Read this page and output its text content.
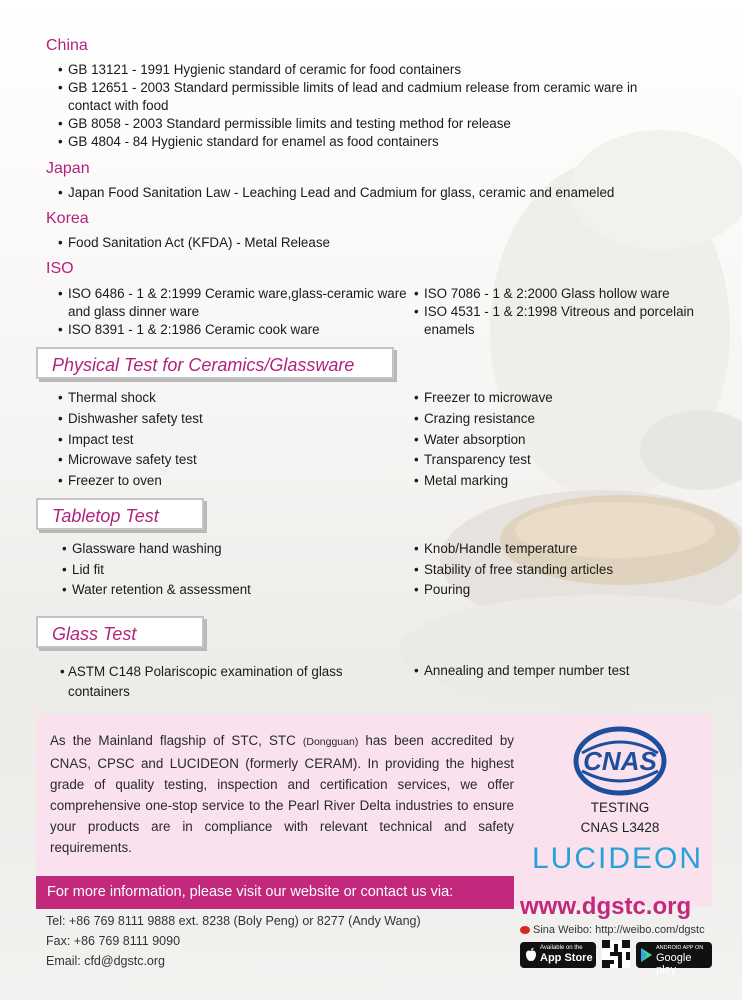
China
• GB 13121 - 1991 Hygienic standard of ceramic for food containers
• GB 12651 - 2003 Standard permissible limits of lead and cadmium release from ceramic ware in contact with food
• GB 8058 - 2003 Standard permissible limits and testing method for release
• GB 4804 - 84 Hygienic standard for enamel as food containers
Japan
• Japan Food Sanitation Law - Leaching Lead and Cadmium for glass, ceramic and enameled
Korea
• Food Sanitation Act (KFDA) - Metal Release
ISO
• ISO 6486 - 1 & 2:1999 Ceramic ware,glass-ceramic ware and glass dinner ware
• ISO 8391 - 1 & 2:1986 Ceramic cook ware
• ISO 7086 - 1 & 2:2000 Glass hollow ware
• ISO 4531 - 1 & 2:1998 Vitreous and porcelain enamels
Physical Test for Ceramics/Glassware
• Thermal shock
• Dishwasher safety test
• Impact test
• Microwave safety test
• Freezer to oven
• Freezer to microwave
• Crazing resistance
• Water absorption
• Transparency test
• Metal marking
Tabletop Test
• Glassware hand washing
• Lid fit
• Water retention & assessment
• Knob/Handle temperature
• Stability of free standing articles
• Pouring
Glass Test
• ASTM C148 Polariscopic examination of glass containers
• Annealing and temper number test
As the Mainland flagship of STC, STC (Dongguan) has been accredited by CNAS, CPSC and LUCIDEON (formerly CERAM). In providing the highest grade of quality testing, inspection and certification services, we offer comprehensive one-stop service to the Pearl River Delta industries to ensure your products are in compliance with relevant technical and safety requirements.
CNAS
TESTING
CNAS L3428
LUCIDEON
For more information, please visit our website or contact us via:
Tel: +86 769 8111 9888 ext. 8238 (Boly Peng) or 8277 (Andy Wang)
Fax: +86 769 8111 9090
Email: cfd@dgstc.org
www.dgstc.org
Sina Weibo: http://weibo.com/dgstc
Available on the
App Store
ANDROID APP ON
Google play
